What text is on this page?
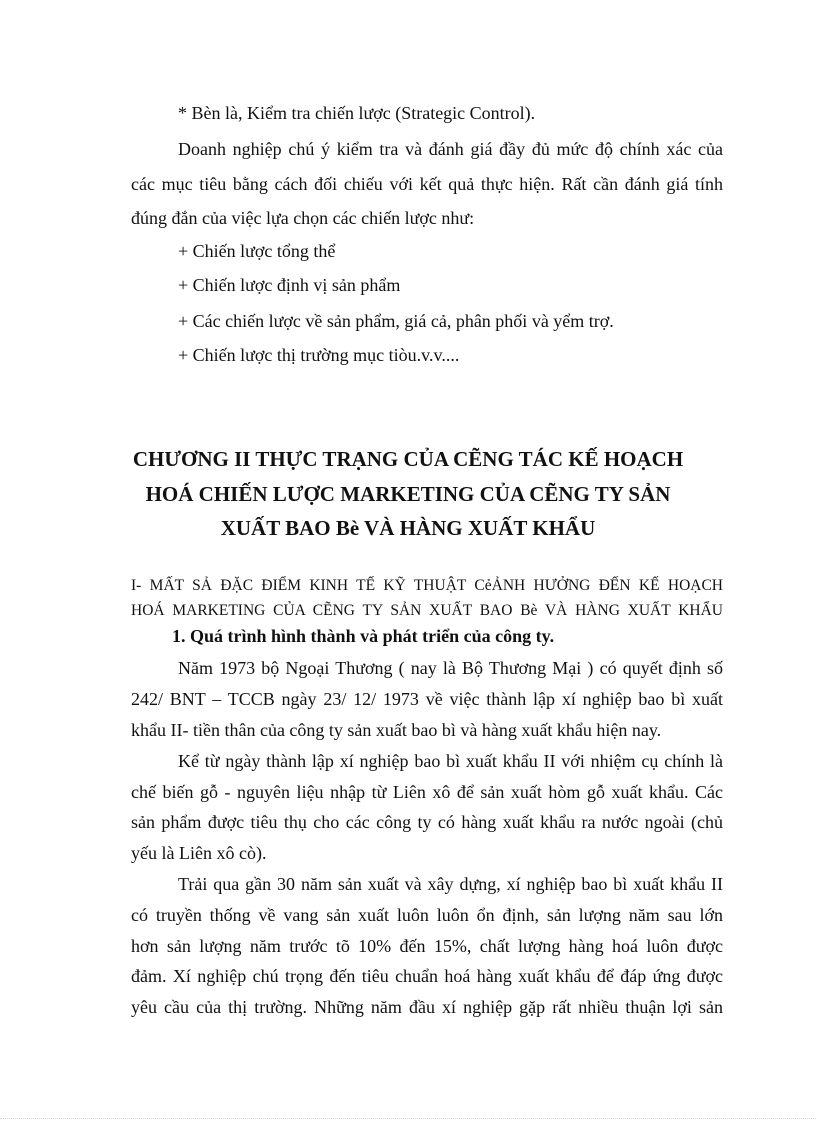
* Bèn là, Kiểm tra chiến lược (Strategic Control).
Doanh nghiệp chú ý kiểm tra và đánh giá đầy đủ mức độ chính xác của
các mục tiêu bằng cách đối chiếu với kết quả thực hiện. Rất cần đánh giá tính
đúng đắn của việc lựa chọn các chiến lược như:
+ Chiến lược tổng thể
+ Chiến lược định vị sản phẩm
+ Các chiến lược về sản phẩm, giá cả, phân phối và yểm trợ.
+ Chiến lược thị trường mục tiòu.v.v....
CHƯƠNG II THỰC TRẠNG CỦA CẼNG TÁC KẾ HOẠCH
HOÁ CHIẾN LƯỢC MARKETING CỦA CẼNG TY SẢN
XUẤT BAO Bè VÀ HÀNG XUẤT KHẨU
I- MẤT SẢ ĐẶC ĐIỂM KINH TẾ KỸ THUẬT CẻẢNH HƯỞNG ĐẾN KẾ HOẠCH
HOÁ MARKETING CỦA CẼNG TY SẢN XUẤT BAO Bè VÀ HÀNG XUẤT KHẨU
1. Quá trình hình thành và phát triển của công ty.
Năm 1973 bộ Ngoại Thương ( nay là Bộ Thương Mại ) có quyết định số
242/ BNT – TCCB ngày 23/ 12/ 1973 về việc thành lập xí nghiệp bao bì xuất
khẩu II- tiền thân của công ty sản xuất bao bì và hàng xuất khẩu hiện nay.
Kể từ ngày thành lập xí nghiệp bao bì xuất khẩu II với nhiệm cụ chính là
chế biến gỗ - nguyên liệu nhập từ Liên xô để sản xuất hòm gỗ xuất khẩu. Các
sản phẩm được tiêu thụ cho các công ty có hàng xuất khẩu ra nước ngoài (chủ
yếu là Liên xô cò).
Trải qua gần 30 năm sản xuất và xây dựng, xí nghiệp bao bì xuất khẩu II
có truyền thống về vang sản xuất luôn luôn ổn định, sản lượng năm sau lớn
hơn sản lượng năm trước tõ 10% đến 15%, chất lượng hàng hoá luôn được
đảm. Xí nghiệp chú trọng đến tiêu chuẩn hoá hàng xuất khẩu để đáp ứng được
yêu cầu của thị trường. Những năm đầu xí nghiệp gặp rất nhiều thuận lợi sản
